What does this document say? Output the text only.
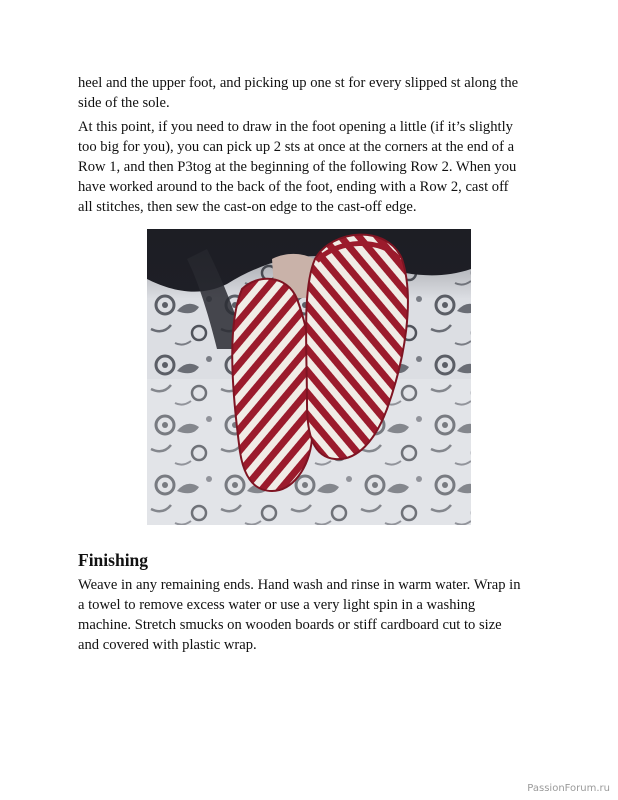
heel and the upper foot, and picking up one st for every slipped st along the
side of the sole.

At this point, if you need to draw in the foot opening a little (if it’s slightly
too big for you), you can pick up 2 sts at once at the corners at the end of a
Row 1, and then P3tog at the beginning of the following Row 2. When you
have worked around to the back of the foot, ending with a Row 2, cast off
all stitches, then sew the cast-on edge to the cast-off edge.

Finishing

Weave in any remaining ends. Hand wash and rinse in warm water. Wrap in
a towel to remove excess water or use a very light spin in a washing
machine. Stretch smucks on wooden boards or stiff cardboard cut to size
and covered with plastic wrap.

PassionForum.ru
